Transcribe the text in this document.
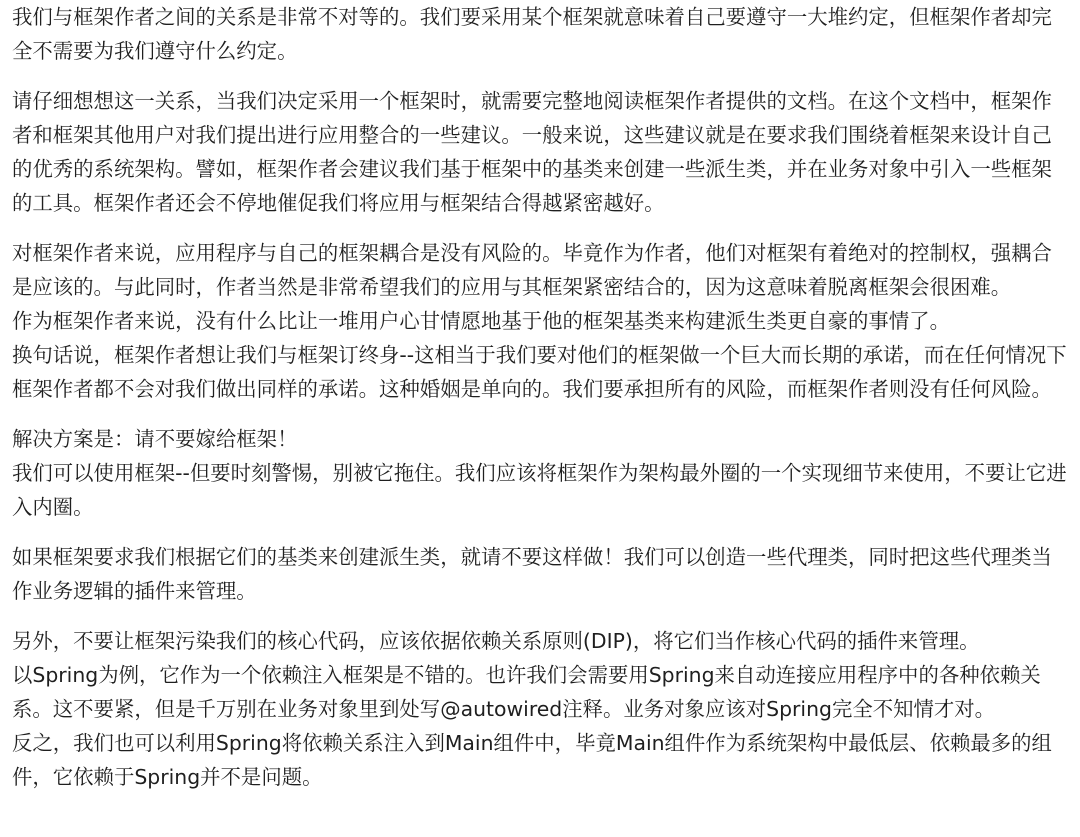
我们与框架作者之间的关系是非常不对等的。我们要采用某个框架就意味着自己要遵守一大堆约定，但框架作者却完全不需要为我们遵守什么约定。

请仔细想想这一关系，当我们决定采用一个框架时，就需要完整地阅读框架作者提供的文档。在这个文档中，框架作者和框架其他用户对我们提出进行应用整合的一些建议。一般来说，这些建议就是在要求我们围绕着框架来设计自己的优秀的系统架构。譬如，框架作者会建议我们基于框架中的基类来创建一些派生类，并在业务对象中引入一些框架的工具。框架作者还会不停地催促我们将应用与框架结合得越紧密越好。

对框架作者来说，应用程序与自己的框架耦合是没有风险的。毕竟作为作者，他们对框架有着绝对的控制权，强耦合是应该的。与此同时，作者当然是非常希望我们的应用与其框架紧密结合的，因为这意味着脱离框架会很困难。

作为框架作者来说，没有什么比让一堆用户心甘情愿地基于他的框架基类来构建派生类更自豪的事情了。

换句话说，框架作者想让我们与框架订终身--这相当于我们要对他们的框架做一个巨大而长期的承诺，而在任何情况下框架作者都不会对我们做出同样的承诺。这种婚姻是单向的。我们要承担所有的风险，而框架作者则没有任何风险。

解决方案是：请不要嫁给框架！

我们可以使用框架--但要时刻警惕，别被它拖住。我们应该将框架作为架构最外圈的一个实现细节来使用，不要让它进入内圈。

如果框架要求我们根据它们的基类来创建派生类，就请不要这样做！我们可以创造一些代理类，同时把这些代理类当作业务逻辑的插件来管理。

另外，不要让框架污染我们的核心代码，应该依据依赖关系原则(DIP)，将它们当作核心代码的插件来管理。

以Spring为例，它作为一个依赖注入框架是不错的。也许我们会需要用Spring来自动连接应用程序中的各种依赖关系。这不要紧，但是千万别在业务对象里到处写@autowired注释。业务对象应该对Spring完全不知情才对。

反之，我们也可以利用Spring将依赖关系注入到Main组件中，毕竟Main组件作为系统架构中最低层、依赖最多的组件，它依赖于Spring并不是问题。
